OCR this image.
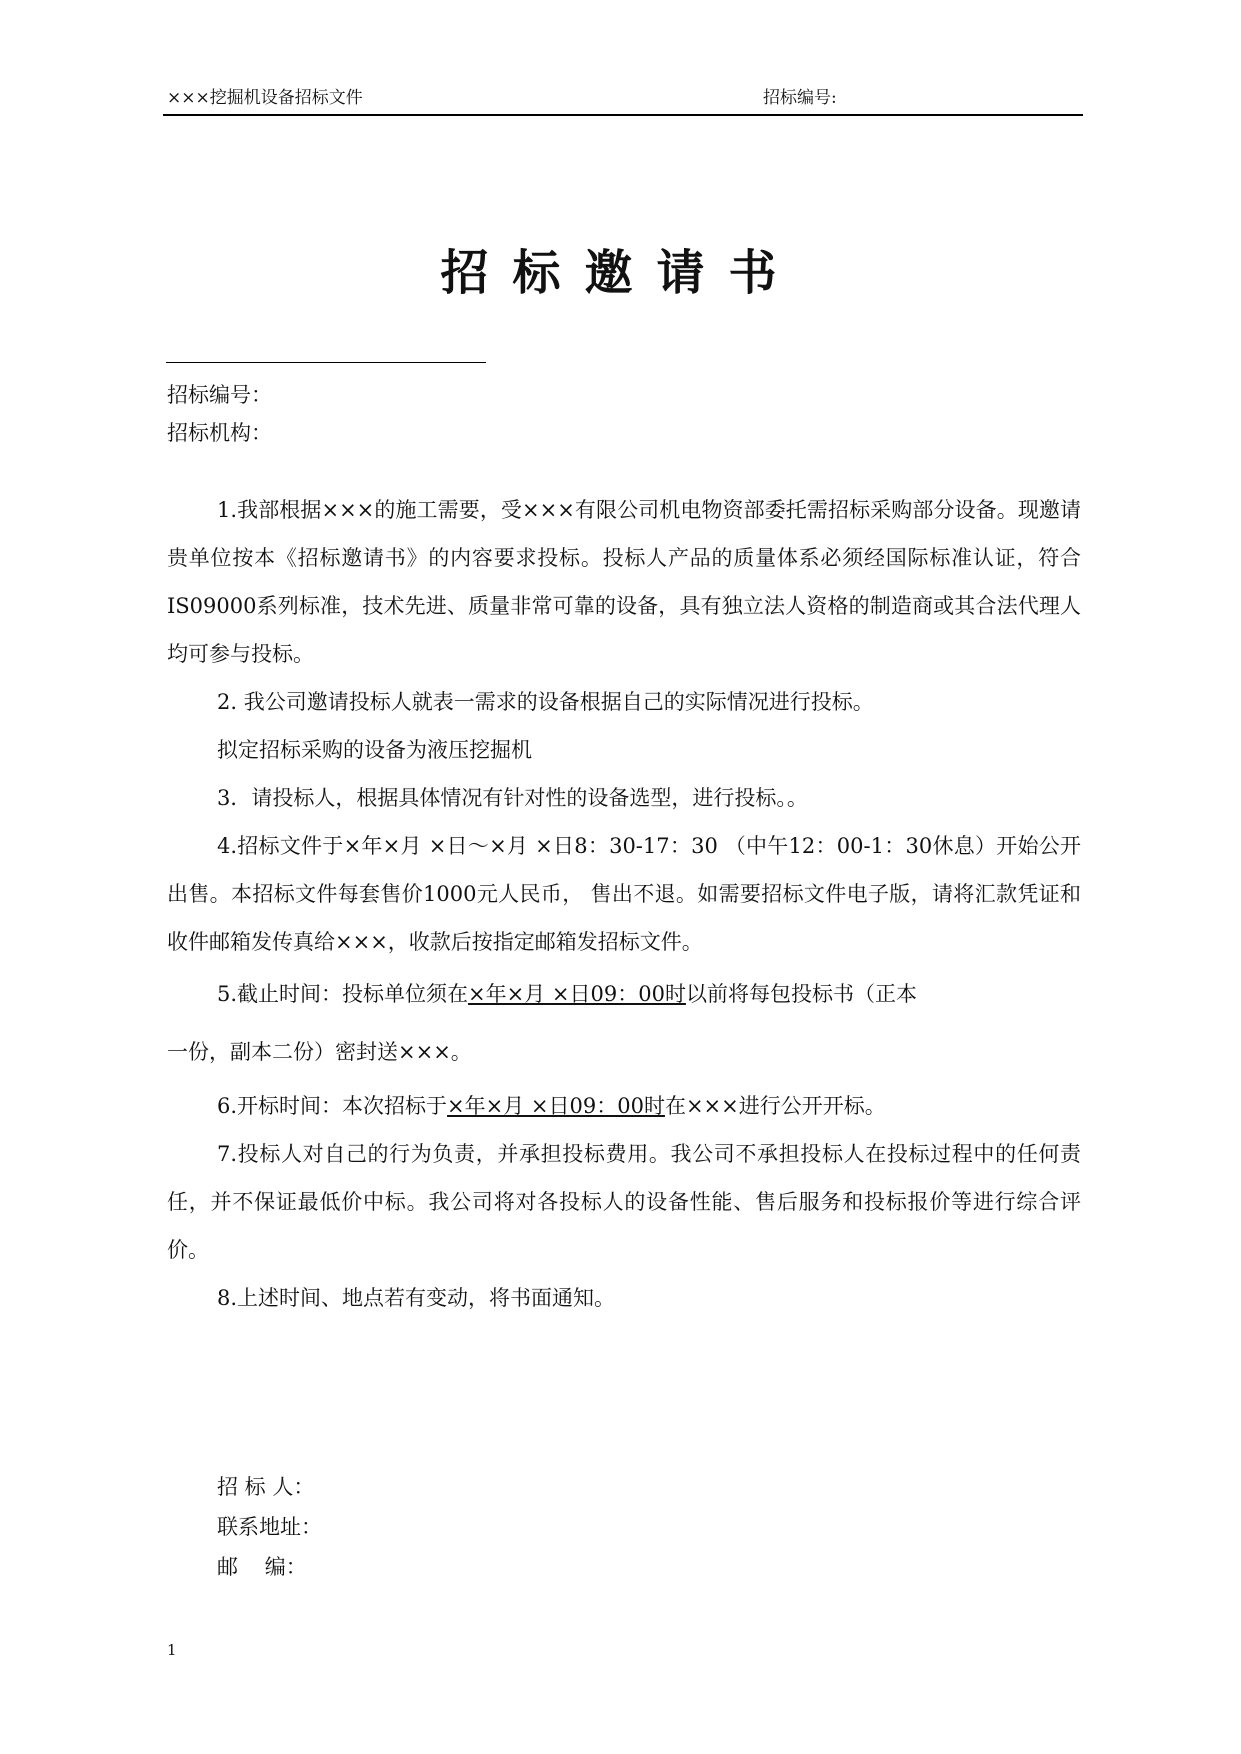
×××挖掘机设备招标文件	招标编号:
招标邀请书
招标编号：
招标机构：

1.我部根据×××的施工需要，受×××有限公司机电物资部委托需招标采购部分设备。现邀请贵单位按本《招标邀请书》的内容要求投标。投标人产品的质量体系必须经国际标准认证，符合IS09000系列标准，技术先进、质量非常可靠的设备，具有独立法人资格的制造商或其合法代理人均可参与投标。

2. 我公司邀请投标人就表一需求的设备根据自己的实际情况进行投标。

拟定招标采购的设备为液压挖掘机

3．请投标人，根据具体情况有针对性的设备选型，进行投标。。

4.招标文件于×年×月 ×日～×月 ×日8：30-17：30 （中午12：00-1：30休息）开始公开出售。本招标文件每套售价1000元人民币， 售出不退。如需要招标文件电子版，请将汇款凭证和收件邮箱发传真给×××，收款后按指定邮箱发招标文件。

5.截止时间：投标单位须在×年×月 ×日09：00时以前将每包投标书（正本

一份，副本二份）密封送×××。

6.开标时间：本次招标于×年×月 ×日09：00时在×××进行公开开标。

7.投标人对自己的行为负责，并承担投标费用。我公司不承担投标人在投标过程中的任何责任，并不保证最低价中标。我公司将对各投标人的设备性能、售后服务和投标报价等进行综合评价。

8.上述时间、地点若有变动，将书面通知。

招 标 人：
联系地址：
邮    编：
1
